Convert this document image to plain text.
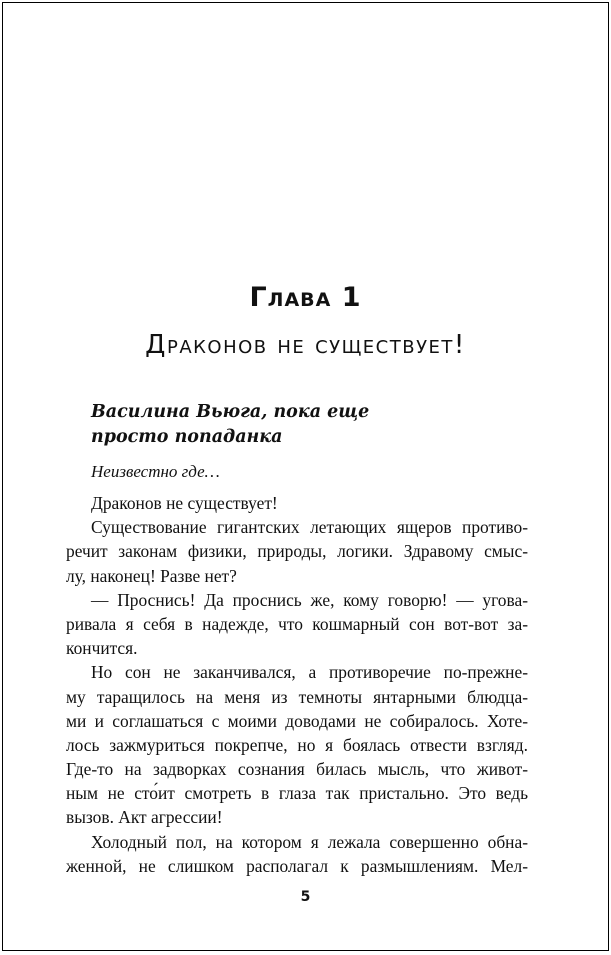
Глава 1
Драконов не существует!
Василина Вьюга, пока еще
просто попаданка
Неизвестно где…
Драконов не существует!
Существование гигантских летающих ящеров противо-
речит законам физики, природы, логики. Здравому смыс-
лу, наконец! Разве нет?
— Проснись! Да проснись же, кому говорю! — угова-
ривала я себя в надежде, что кошмарный сон вот-вот за-
кончится.
Но сон не заканчивался, а противоречие по-прежне-
му таращилось на меня из темноты янтарными блюдца-
ми и соглашаться с моими доводами не собиралось. Хоте-
лось зажмуриться покрепче, но я боялась отвести взгляд.
Где-то на задворках сознания билась мысль, что живот-
ным не сто́ит смотреть в глаза так пристально. Это ведь
вызов. Акт агрессии!
Холодный пол, на котором я лежала совершенно обна-
женной, не слишком располагал к размышлениям. Мел-
5
